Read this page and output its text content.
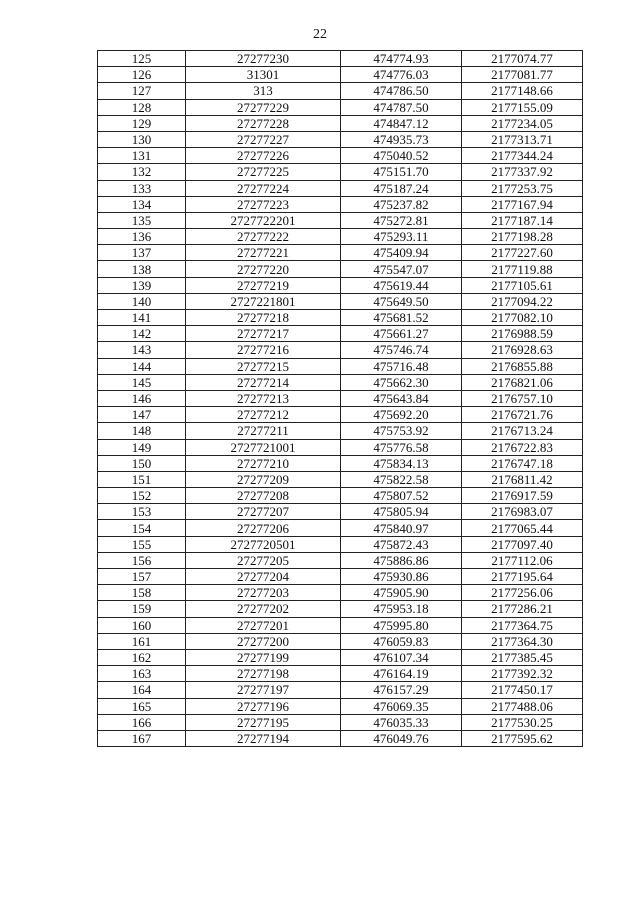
22
125	27277230	474774.93	2177074.77
126	31301	474776.03	2177081.77
127	313	474786.50	2177148.66
128	27277229	474787.50	2177155.09
129	27277228	474847.12	2177234.05
130	27277227	474935.73	2177313.71
131	27277226	475040.52	2177344.24
132	27277225	475151.70	2177337.92
133	27277224	475187.24	2177253.75
134	27277223	475237.82	2177167.94
135	2727722201	475272.81	2177187.14
136	27277222	475293.11	2177198.28
137	27277221	475409.94	2177227.60
138	27277220	475547.07	2177119.88
139	27277219	475619.44	2177105.61
140	2727221801	475649.50	2177094.22
141	27277218	475681.52	2177082.10
142	27277217	475661.27	2176988.59
143	27277216	475746.74	2176928.63
144	27277215	475716.48	2176855.88
145	27277214	475662.30	2176821.06
146	27277213	475643.84	2176757.10
147	27277212	475692.20	2176721.76
148	27277211	475753.92	2176713.24
149	2727721001	475776.58	2176722.83
150	27277210	475834.13	2176747.18
151	27277209	475822.58	2176811.42
152	27277208	475807.52	2176917.59
153	27277207	475805.94	2176983.07
154	27277206	475840.97	2177065.44
155	2727720501	475872.43	2177097.40
156	27277205	475886.86	2177112.06
157	27277204	475930.86	2177195.64
158	27277203	475905.90	2177256.06
159	27277202	475953.18	2177286.21
160	27277201	475995.80	2177364.75
161	27277200	476059.83	2177364.30
162	27277199	476107.34	2177385.45
163	27277198	476164.19	2177392.32
164	27277197	476157.29	2177450.17
165	27277196	476069.35	2177488.06
166	27277195	476035.33	2177530.25
167	27277194	476049.76	2177595.62
